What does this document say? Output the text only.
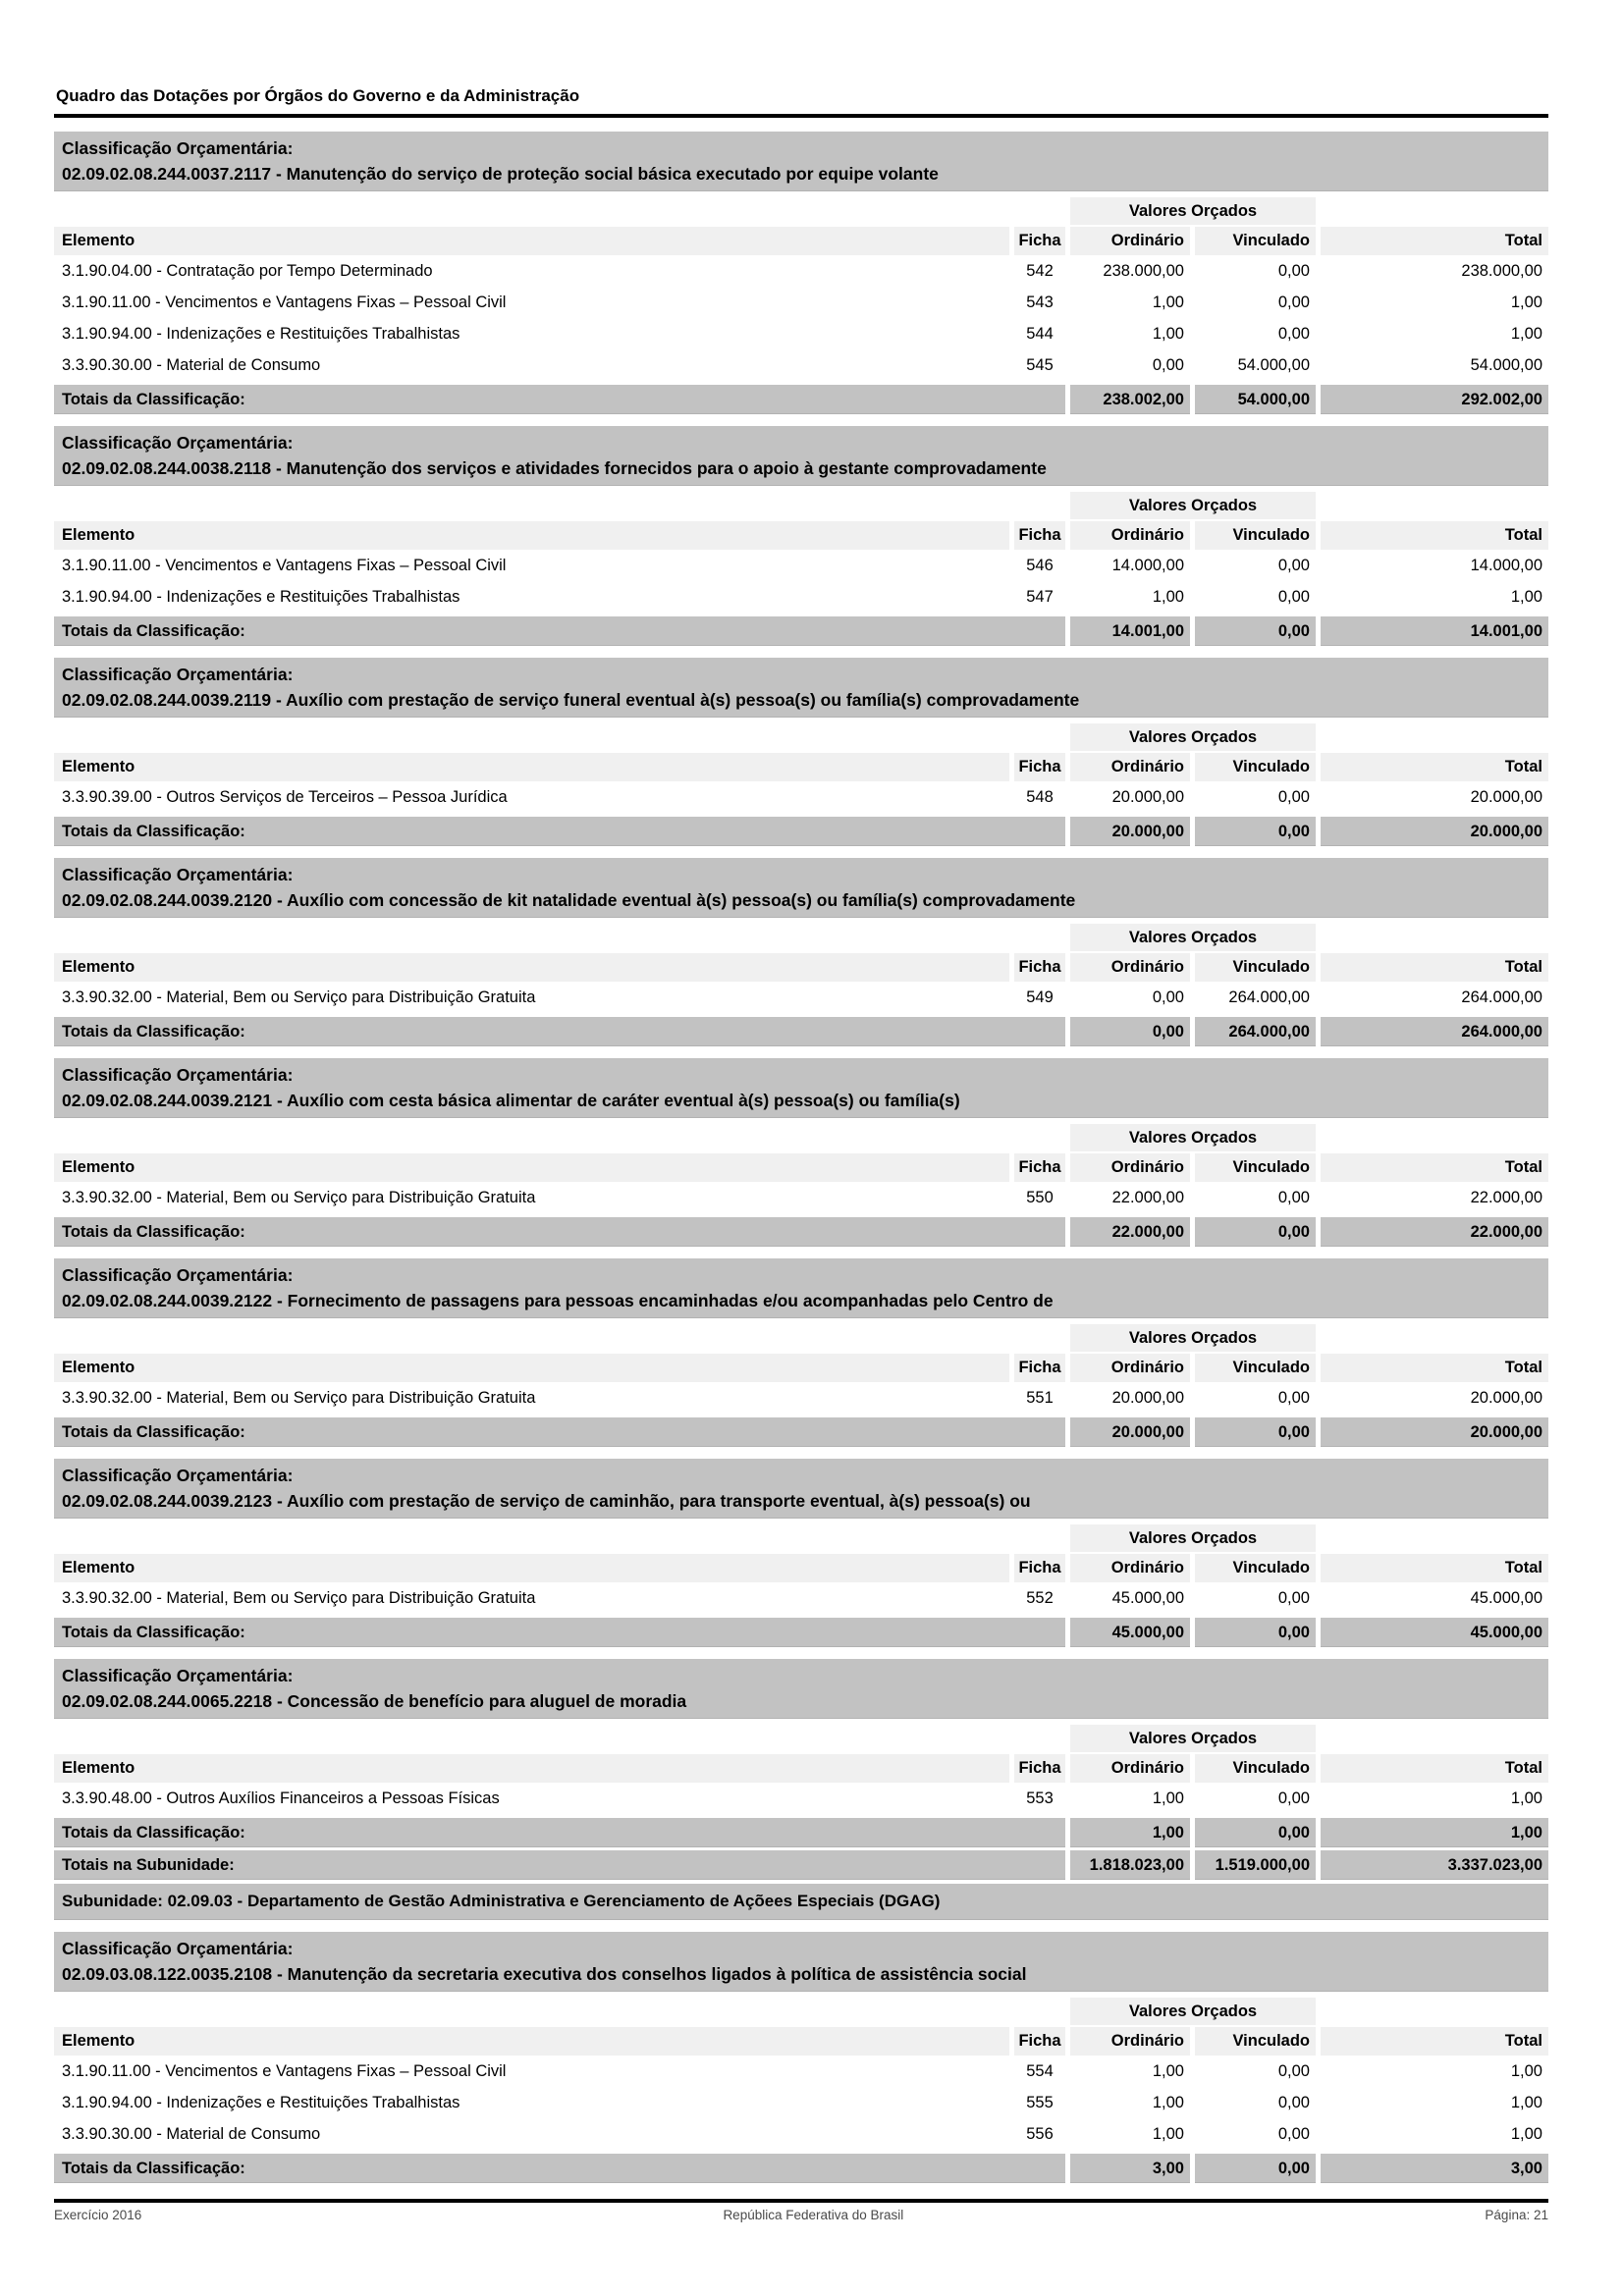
Quadro das Dotações por Órgãos do Governo e da Administração
Classificação Orçamentária:
02.09.02.08.244.0037.2117 - Manutenção do serviço de proteção social básica executado por equipe volante
Valores Orçados
Elemento	Ficha	Ordinário	Vinculado	Total
3.1.90.04.00 - Contratação por Tempo Determinado	542	238.000,00	0,00	238.000,00
3.1.90.11.00 - Vencimentos e Vantagens Fixas – Pessoal Civil	543	1,00	0,00	1,00
3.1.90.94.00 - Indenizações e Restituições Trabalhistas	544	1,00	0,00	1,00
3.3.90.30.00 - Material de Consumo	545	0,00	54.000,00	54.000,00
Totais da Classificação:	238.002,00	54.000,00	292.002,00
Classificação Orçamentária:
02.09.02.08.244.0038.2118 - Manutenção dos serviços e atividades fornecidos para o apoio à gestante comprovadamente
Valores Orçados
Elemento	Ficha	Ordinário	Vinculado	Total
3.1.90.11.00 - Vencimentos e Vantagens Fixas – Pessoal Civil	546	14.000,00	0,00	14.000,00
3.1.90.94.00 - Indenizações e Restituições Trabalhistas	547	1,00	0,00	1,00
Totais da Classificação:	14.001,00	0,00	14.001,00
Classificação Orçamentária:
02.09.02.08.244.0039.2119 - Auxílio com prestação de serviço funeral eventual à(s) pessoa(s) ou família(s) comprovadamente
Valores Orçados
Elemento	Ficha	Ordinário	Vinculado	Total
3.3.90.39.00 - Outros Serviços de Terceiros – Pessoa Jurídica	548	20.000,00	0,00	20.000,00
Totais da Classificação:	20.000,00	0,00	20.000,00
Classificação Orçamentária:
02.09.02.08.244.0039.2120 - Auxílio com concessão de kit natalidade eventual à(s) pessoa(s) ou família(s) comprovadamente
Valores Orçados
Elemento	Ficha	Ordinário	Vinculado	Total
3.3.90.32.00 - Material, Bem ou Serviço para Distribuição Gratuita	549	0,00	264.000,00	264.000,00
Totais da Classificação:	0,00	264.000,00	264.000,00
Classificação Orçamentária:
02.09.02.08.244.0039.2121 - Auxílio com cesta básica alimentar de caráter eventual à(s) pessoa(s) ou família(s)
Valores Orçados
Elemento	Ficha	Ordinário	Vinculado	Total
3.3.90.32.00 - Material, Bem ou Serviço para Distribuição Gratuita	550	22.000,00	0,00	22.000,00
Totais da Classificação:	22.000,00	0,00	22.000,00
Classificação Orçamentária:
02.09.02.08.244.0039.2122 - Fornecimento de passagens para pessoas encaminhadas e/ou acompanhadas pelo Centro de
Valores Orçados
Elemento	Ficha	Ordinário	Vinculado	Total
3.3.90.32.00 - Material, Bem ou Serviço para Distribuição Gratuita	551	20.000,00	0,00	20.000,00
Totais da Classificação:	20.000,00	0,00	20.000,00
Classificação Orçamentária:
02.09.02.08.244.0039.2123 - Auxílio com prestação de serviço de caminhão, para transporte eventual, à(s) pessoa(s) ou
Valores Orçados
Elemento	Ficha	Ordinário	Vinculado	Total
3.3.90.32.00 - Material, Bem ou Serviço para Distribuição Gratuita	552	45.000,00	0,00	45.000,00
Totais da Classificação:	45.000,00	0,00	45.000,00
Classificação Orçamentária:
02.09.02.08.244.0065.2218 - Concessão de benefício para aluguel de moradia
Valores Orçados
Elemento	Ficha	Ordinário	Vinculado	Total
3.3.90.48.00 - Outros Auxílios Financeiros a Pessoas Físicas	553	1,00	0,00	1,00
Totais da Classificação:	1,00	0,00	1,00
Totais na Subunidade:	1.818.023,00	1.519.000,00	3.337.023,00
Subunidade: 02.09.03 - Departamento de Gestão Administrativa e Gerenciamento de Açõees Especiais (DGAG)
Classificação Orçamentária:
02.09.03.08.122.0035.2108 - Manutenção da secretaria executiva dos conselhos ligados à política de assistência social
Valores Orçados
Elemento	Ficha	Ordinário	Vinculado	Total
3.1.90.11.00 - Vencimentos e Vantagens Fixas – Pessoal Civil	554	1,00	0,00	1,00
3.1.90.94.00 - Indenizações e Restituições Trabalhistas	555	1,00	0,00	1,00
3.3.90.30.00 - Material de Consumo	556	1,00	0,00	1,00
Totais da Classificação:	3,00	0,00	3,00
Exercício 2016	República Federativa do Brasil	Página: 21
